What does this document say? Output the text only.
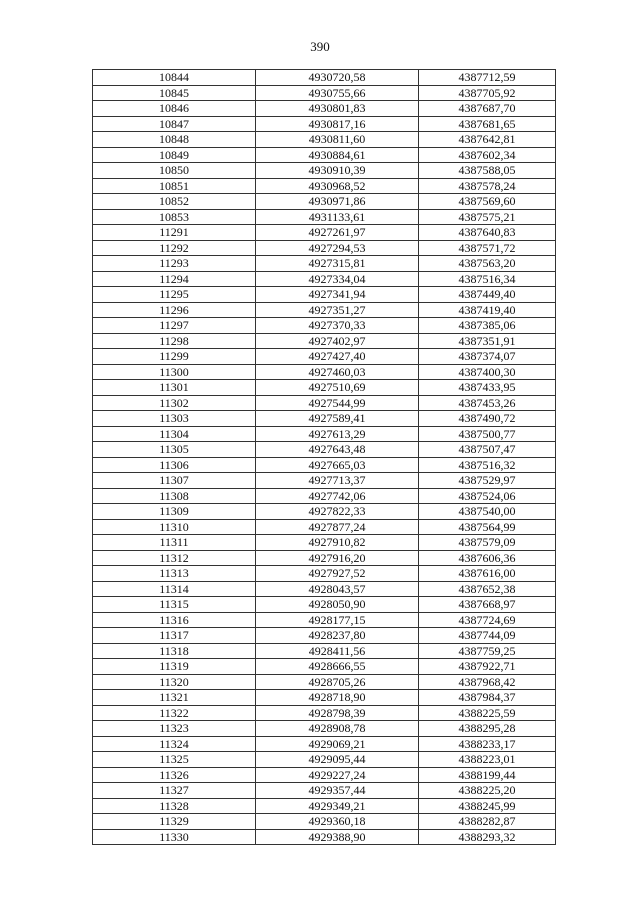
390
10844	4930720,58	4387712,59
10845	4930755,66	4387705,92
10846	4930801,83	4387687,70
10847	4930817,16	4387681,65
10848	4930811,60	4387642,81
10849	4930884,61	4387602,34
10850	4930910,39	4387588,05
10851	4930968,52	4387578,24
10852	4930971,86	4387569,60
10853	4931133,61	4387575,21
11291	4927261,97	4387640,83
11292	4927294,53	4387571,72
11293	4927315,81	4387563,20
11294	4927334,04	4387516,34
11295	4927341,94	4387449,40
11296	4927351,27	4387419,40
11297	4927370,33	4387385,06
11298	4927402,97	4387351,91
11299	4927427,40	4387374,07
11300	4927460,03	4387400,30
11301	4927510,69	4387433,95
11302	4927544,99	4387453,26
11303	4927589,41	4387490,72
11304	4927613,29	4387500,77
11305	4927643,48	4387507,47
11306	4927665,03	4387516,32
11307	4927713,37	4387529,97
11308	4927742,06	4387524,06
11309	4927822,33	4387540,00
11310	4927877,24	4387564,99
11311	4927910,82	4387579,09
11312	4927916,20	4387606,36
11313	4927927,52	4387616,00
11314	4928043,57	4387652,38
11315	4928050,90	4387668,97
11316	4928177,15	4387724,69
11317	4928237,80	4387744,09
11318	4928411,56	4387759,25
11319	4928666,55	4387922,71
11320	4928705,26	4387968,42
11321	4928718,90	4387984,37
11322	4928798,39	4388225,59
11323	4928908,78	4388295,28
11324	4929069,21	4388233,17
11325	4929095,44	4388223,01
11326	4929227,24	4388199,44
11327	4929357,44	4388225,20
11328	4929349,21	4388245,99
11329	4929360,18	4388282,87
11330	4929388,90	4388293,32
